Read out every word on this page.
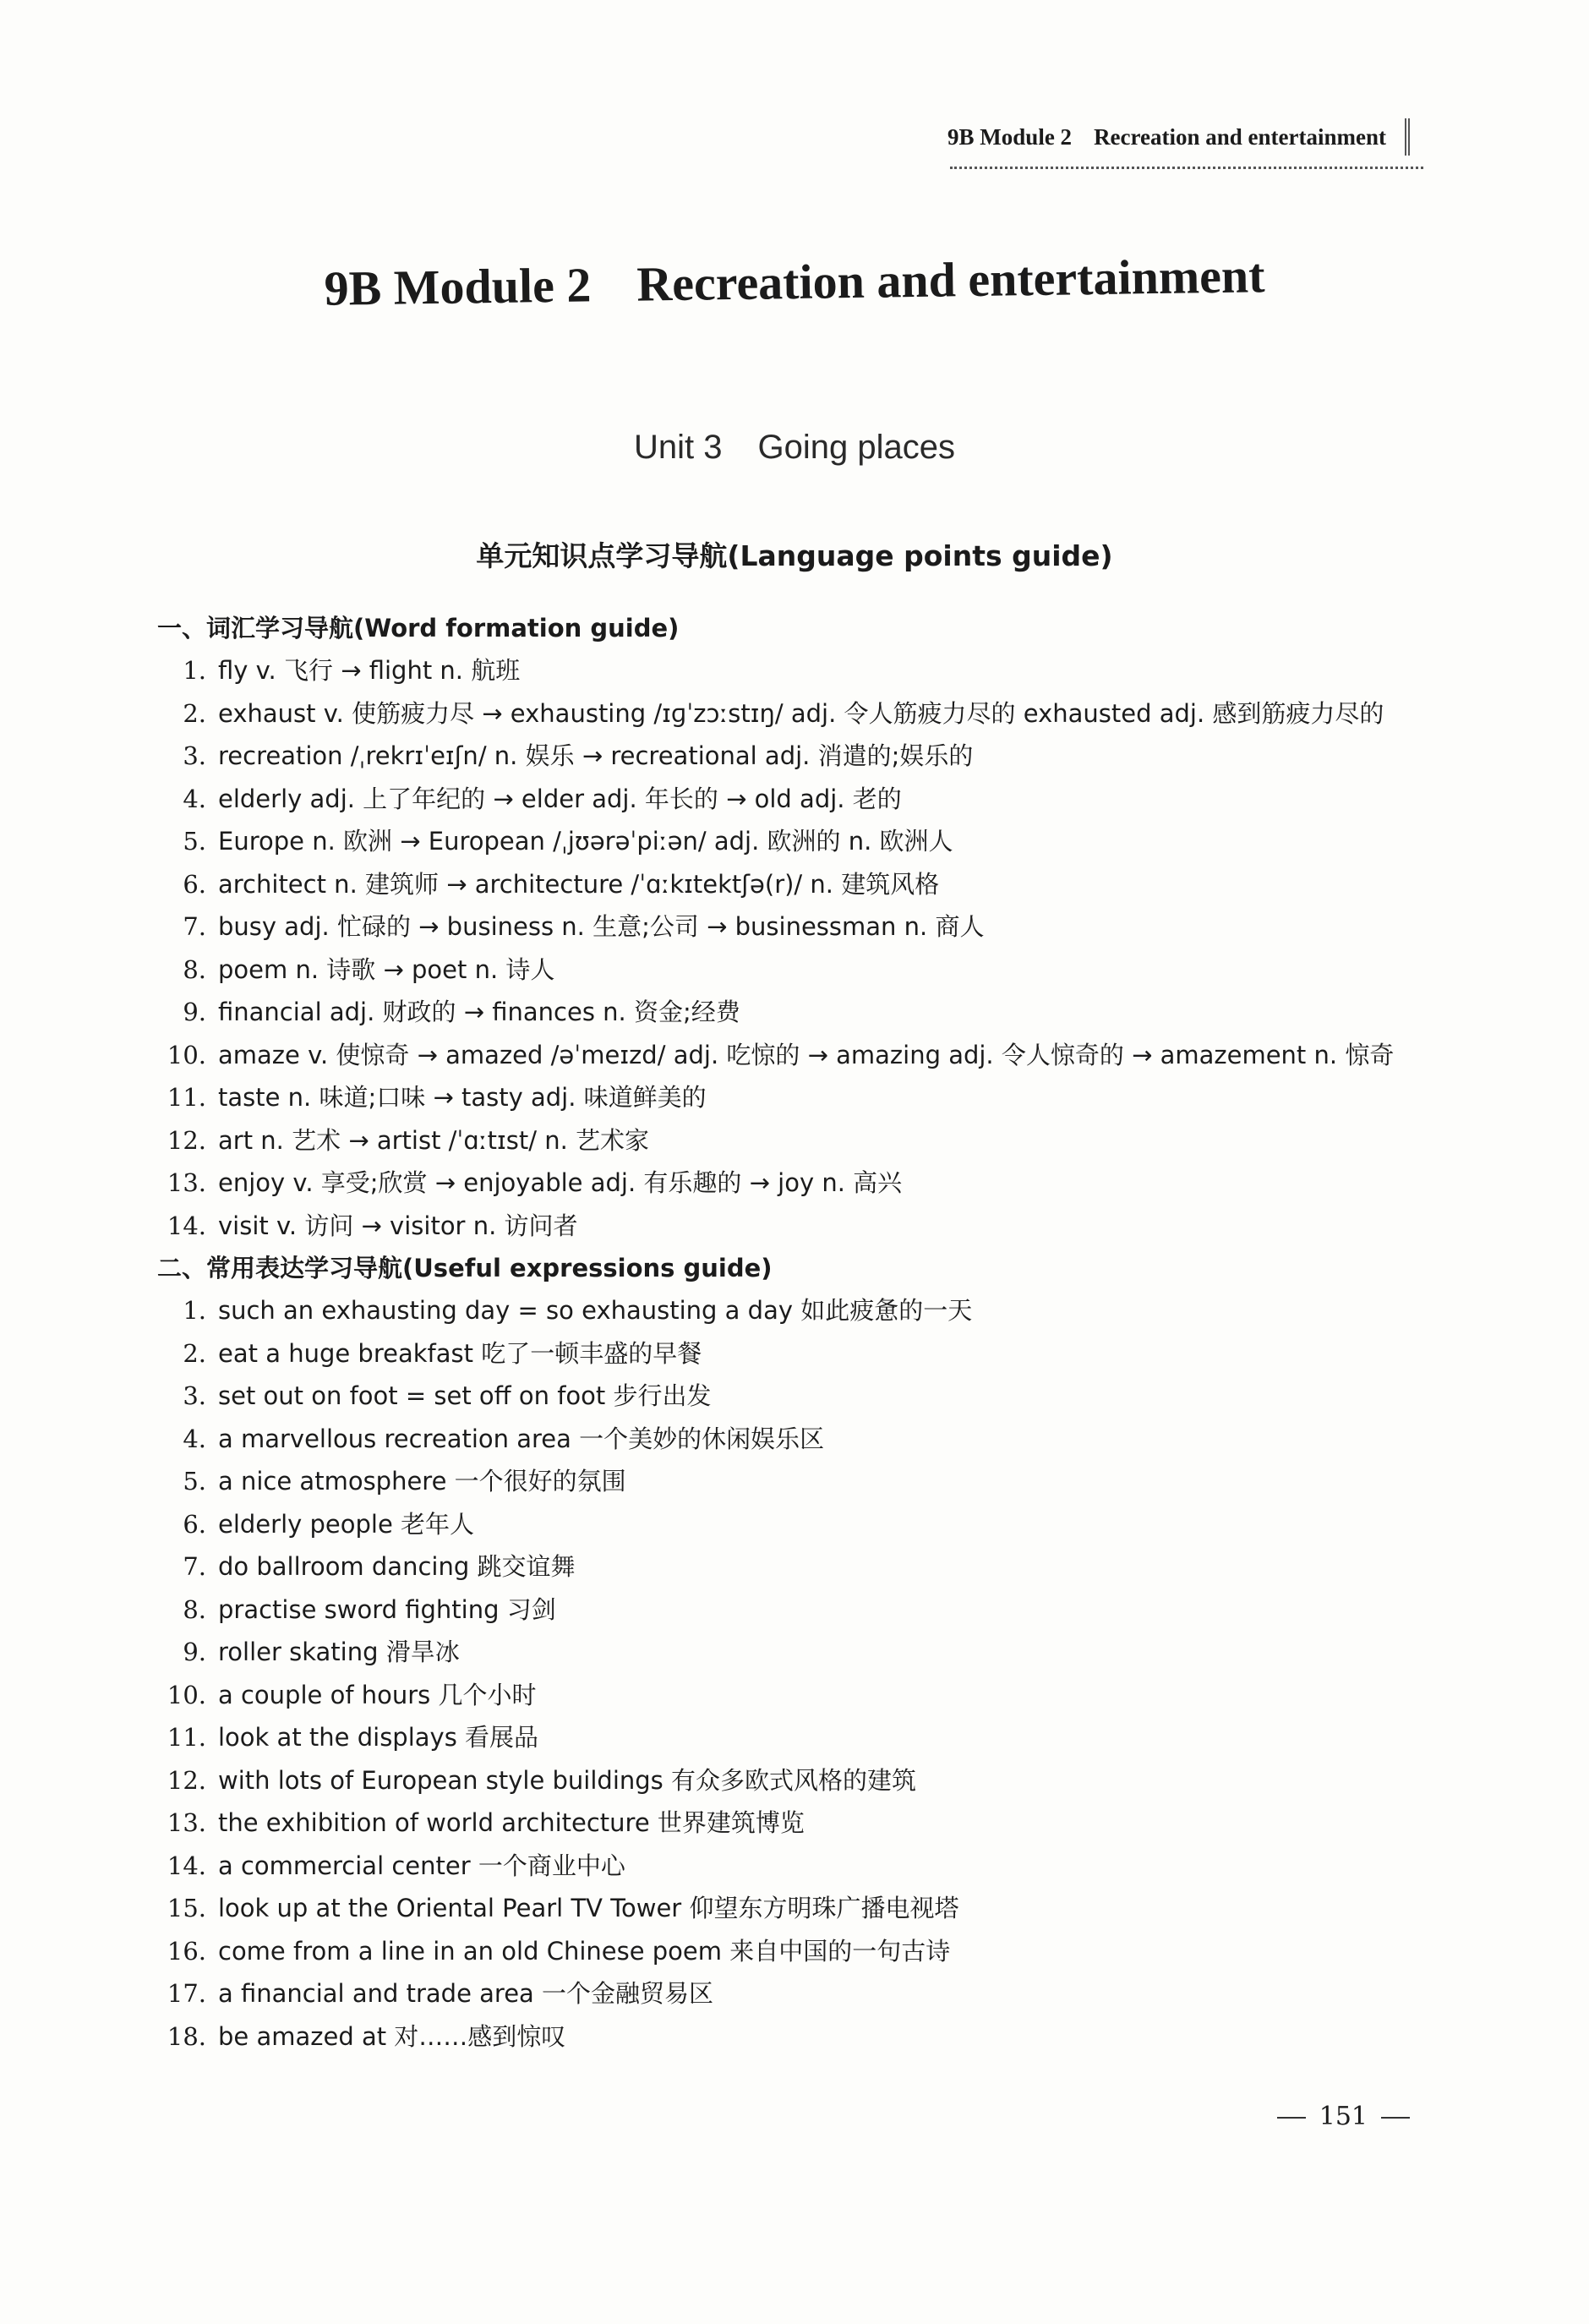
9B Module 2 Recreation and entertainment
9B Module 2 Recreation and entertainment
Unit 3 Going places
单元知识点学习导航(Language points guide)
一、词汇学习导航(Word formation guide)
1. fly v. 飞行 → flight n. 航班
2. exhaust v. 使筋疲力尽 → exhausting /ɪɡˈzɔːstɪŋ/ adj. 令人筋疲力尽的 exhausted adj. 感到筋疲力尽的
3. recreation /ˌrekrɪˈeɪʃn/ n. 娱乐 → recreational adj. 消遣的;娱乐的
4. elderly adj. 上了年纪的 → elder adj. 年长的 → old adj. 老的
5. Europe n. 欧洲 → European /ˌjʊərəˈpiːən/ adj. 欧洲的 n. 欧洲人
6. architect n. 建筑师 → architecture /ˈɑːkɪtektʃə(r)/ n. 建筑风格
7. busy adj. 忙碌的 → business n. 生意;公司 → businessman n. 商人
8. poem n. 诗歌 → poet n. 诗人
9. financial adj. 财政的 → finances n. 资金;经费
10. amaze v. 使惊奇 → amazed /əˈmeɪzd/ adj. 吃惊的 → amazing adj. 令人惊奇的 → amazement n. 惊奇
11. taste n. 味道;口味 → tasty adj. 味道鲜美的
12. art n. 艺术 → artist /ˈɑːtɪst/ n. 艺术家
13. enjoy v. 享受;欣赏 → enjoyable adj. 有乐趣的 → joy n. 高兴
14. visit v. 访问 → visitor n. 访问者
二、常用表达学习导航(Useful expressions guide)
1. such an exhausting day = so exhausting a day 如此疲惫的一天
2. eat a huge breakfast 吃了一顿丰盛的早餐
3. set out on foot = set off on foot 步行出发
4. a marvellous recreation area 一个美妙的休闲娱乐区
5. a nice atmosphere 一个很好的氛围
6. elderly people 老年人
7. do ballroom dancing 跳交谊舞
8. practise sword fighting 习剑
9. roller skating 滑旱冰
10. a couple of hours 几个小时
11. look at the displays 看展品
12. with lots of European style buildings 有众多欧式风格的建筑
13. the exhibition of world architecture 世界建筑博览
14. a commercial center 一个商业中心
15. look up at the Oriental Pearl TV Tower 仰望东方明珠广播电视塔
16. come from a line in an old Chinese poem 来自中国的一句古诗
17. a financial and trade area 一个金融贸易区
18. be amazed at 对……感到惊叹
151
